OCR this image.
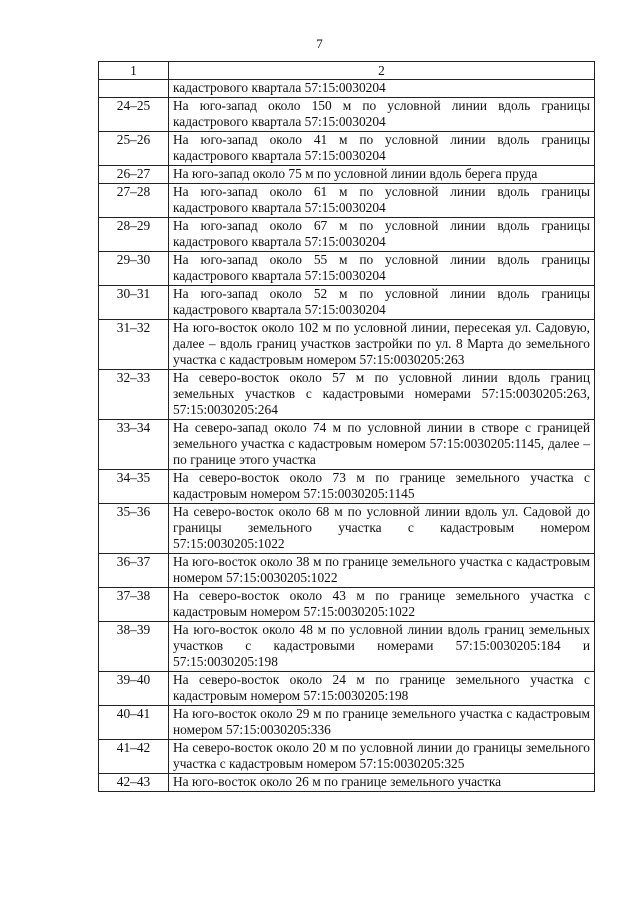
7
1	2
	кадастрового квартала 57:15:0030204
24–25	На юго-запад около 150 м по условной линии вдоль границы кадастрового квартала 57:15:0030204
25–26	На юго-запад около 41 м по условной линии вдоль границы кадастрового квартала 57:15:0030204
26–27	На юго-запад около 75 м по условной линии вдоль берега пруда
27–28	На юго-запад около 61 м по условной линии вдоль границы кадастрового квартала 57:15:0030204
28–29	На юго-запад около 67 м по условной линии вдоль границы кадастрового квартала 57:15:0030204
29–30	На юго-запад около 55 м по условной линии вдоль границы кадастрового квартала 57:15:0030204
30–31	На юго-запад около 52 м по условной линии вдоль границы кадастрового квартала 57:15:0030204
31–32	На юго-восток около 102 м по условной линии, пересекая ул. Садовую, далее – вдоль границ участков застройки по ул. 8 Марта до земельного участка с кадастровым номером 57:15:0030205:263
32–33	На северо-восток около 57 м по условной линии вдоль границ земельных участков с кадастровыми номерами 57:15:0030205:263, 57:15:0030205:264
33–34	На северо-запад около 74 м по условной линии в створе с границей земельного участка с кадастровым номером 57:15:0030205:1145, далее – по границе этого участка
34–35	На северо-восток около 73 м по границе земельного участка с кадастровым номером 57:15:0030205:1145
35–36	На северо-восток около 68 м по условной линии вдоль ул. Садовой до границы земельного участка с кадастровым номером 57:15:0030205:1022
36–37	На юго-восток около 38 м по границе земельного участка с кадастровым номером 57:15:0030205:1022
37–38	На северо-восток около 43 м по границе земельного участка с кадастровым номером 57:15:0030205:1022
38–39	На юго-восток около 48 м по условной линии вдоль границ земельных участков с кадастровыми номерами 57:15:0030205:184 и 57:15:0030205:198
39–40	На северо-восток около 24 м по границе земельного участка с кадастровым номером 57:15:0030205:198
40–41	На юго-восток около 29 м по границе земельного участка с кадастровым номером 57:15:0030205:336
41–42	На северо-восток около 20 м по условной линии до границы земельного участка с кадастровым номером 57:15:0030205:325
42–43	На юго-восток около 26 м по границе земельного участка
